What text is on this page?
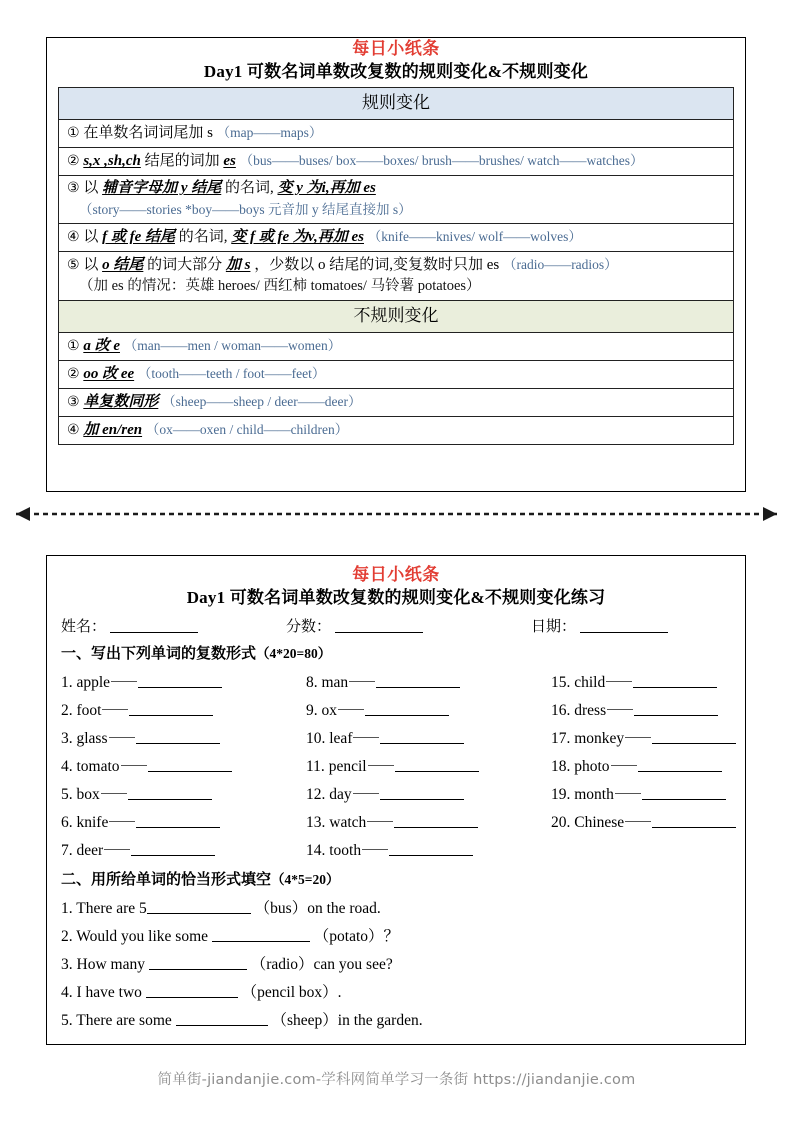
每日小纸条
Day1 可数名词单数改复数的规则变化&不规则变化
规则变化
① 在单数名词词尾加 s （map——maps）
② s,x ,sh,ch 结尾的词加 es （bus——buses/ box——boxes/ brush——brushes/ watch——watches）
③ 以 辅音字母加 y 结尾 的名词, 变 y 为i,再加 es
（story——stories *boy——boys 元音加 y 结尾直接加 s）

④ 以 f 或 fe 结尾 的名词, 变 f 或 fe 为v,再加 es （knife——knives/ wolf——wolves）
⑤ 以 o 结尾 的词大部分 加 s ，少数以 o 结尾的词,变复数时只加 es （radio——radios）
（加 es 的情况：英雄 heroes/ 西红柿 tomatoes/ 马铃薯 potatoes）

不规则变化
① a 改 e （man——men / woman——women）
② oo 改 ee （tooth——teeth / foot——feet）
③ 单复数同形 （sheep——sheep / deer——deer）
④ 加 en/ren （ox——oxen / child——children）
每日小纸条
Day1 可数名词单数改复数的规则变化&不规则变化练习
姓名：	分数：	日期：
一、写出下列单词的复数形式（4*20=80）
1. apple	8. man	15. child
2. foot	9. ox	16. dress
3. glass	10. leaf	17. monkey
4. tomato	11. pencil	18. photo
5. box	12. day	19. month
6. knife	13. watch	20. Chinese
7. deer	14. tooth

二、用所给单词的恰当形式填空（4*5=20）
1. There are 5	（bus）on the road.
2. Would you like some	（potato）？
3. How many	（radio）can you see?
4. I have two	（pencil box）.
5. There are some	（sheep）in the garden.
简单街-jiandanjie.com-学科网简单学习一条街 https://jiandanjie.com
